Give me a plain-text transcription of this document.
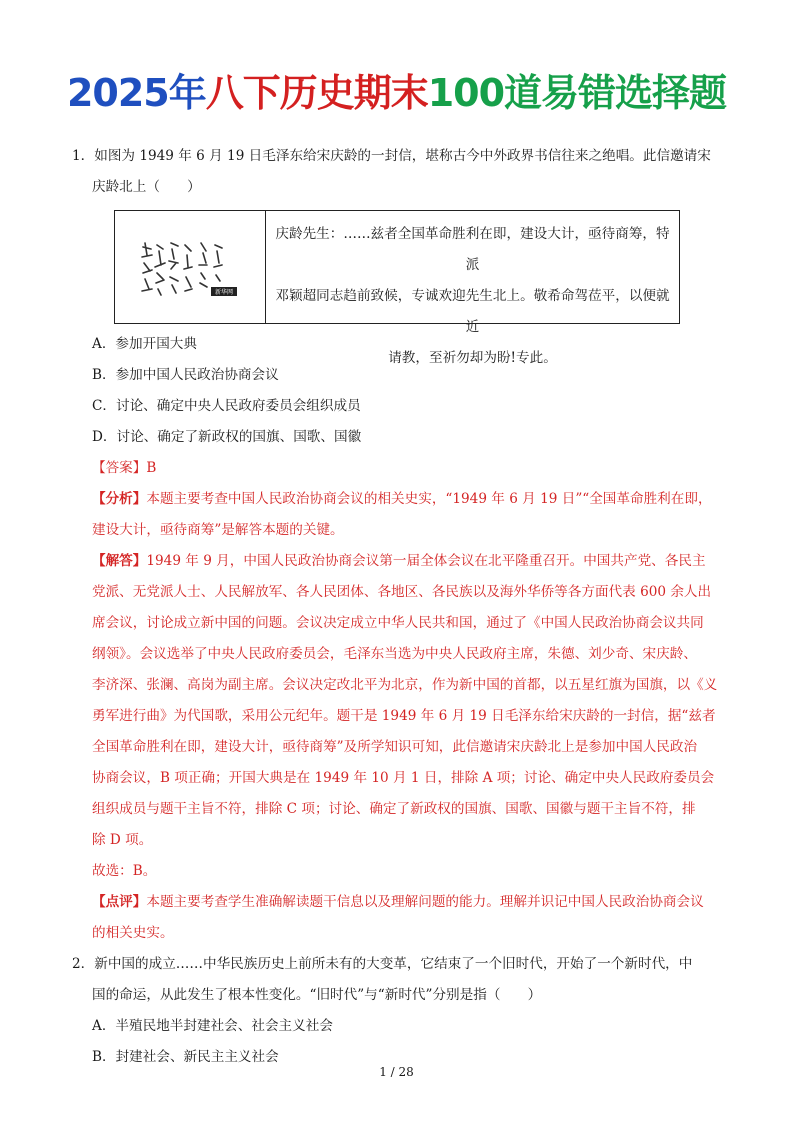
2025年八下历史期末100道易错选择题
1．如图为 1949 年 6 月 19 日毛泽东给宋庆龄的一封信，堪称古今中外政界书信往来之绝唱。此信邀请宋
庆龄北上（　　）
新华网
庆龄先生：……兹者全国革命胜利在即，建设大计，亟待商筹，特派
邓颖超同志趋前致候，专诚欢迎先生北上。敬希命驾莅平，以便就近
请教，至祈勿却为盼!专此。
A．参加开国大典
B．参加中国人民政治协商会议
C．讨论、确定中央人民政府委员会组织成员
D．讨论、确定了新政权的国旗、国歌、国徽
【答案】B
【分析】本题主要考查中国人民政治协商会议的相关史实，“1949 年 6 月 19 日”“全国革命胜利在即，
建设大计，亟待商筹”是解答本题的关键。
【解答】1949 年 9 月，中国人民政治协商会议第一届全体会议在北平隆重召开。中国共产党、各民主
党派、无党派人士、人民解放军、各人民团体、各地区、各民族以及海外华侨等各方面代表 600 余人出
席会议，讨论成立新中国的问题。会议决定成立中华人民共和国，通过了《中国人民政治协商会议共同
纲领》。会议选举了中央人民政府委员会，毛泽东当选为中央人民政府主席，朱德、刘少奇、宋庆龄、
李济深、张澜、高岗为副主席。会议决定改北平为北京，作为新中国的首都，以五星红旗为国旗，以《义
勇军进行曲》为代国歌，采用公元纪年。题干是 1949 年 6 月 19 日毛泽东给宋庆龄的一封信，据“兹者
全国革命胜利在即，建设大计，亟待商筹”及所学知识可知，此信邀请宋庆龄北上是参加中国人民政治
协商会议，B 项正确；开国大典是在 1949 年 10 月 1 日，排除 A 项；讨论、确定中央人民政府委员会
组织成员与题干主旨不符，排除 C 项；讨论、确定了新政权的国旗、国歌、国徽与题干主旨不符，排
除 D 项。
故选：B。
【点评】本题主要考查学生准确解读题干信息以及理解问题的能力。理解并识记中国人民政治协商会议
的相关史实。
2．新中国的成立……中华民族历史上前所未有的大变革，它结束了一个旧时代，开始了一个新时代，中
国的命运，从此发生了根本性变化。“旧时代”与“新时代”分别是指（　　）
A．半殖民地半封建社会、社会主义社会
B．封建社会、新民主主义社会
1 / 28
